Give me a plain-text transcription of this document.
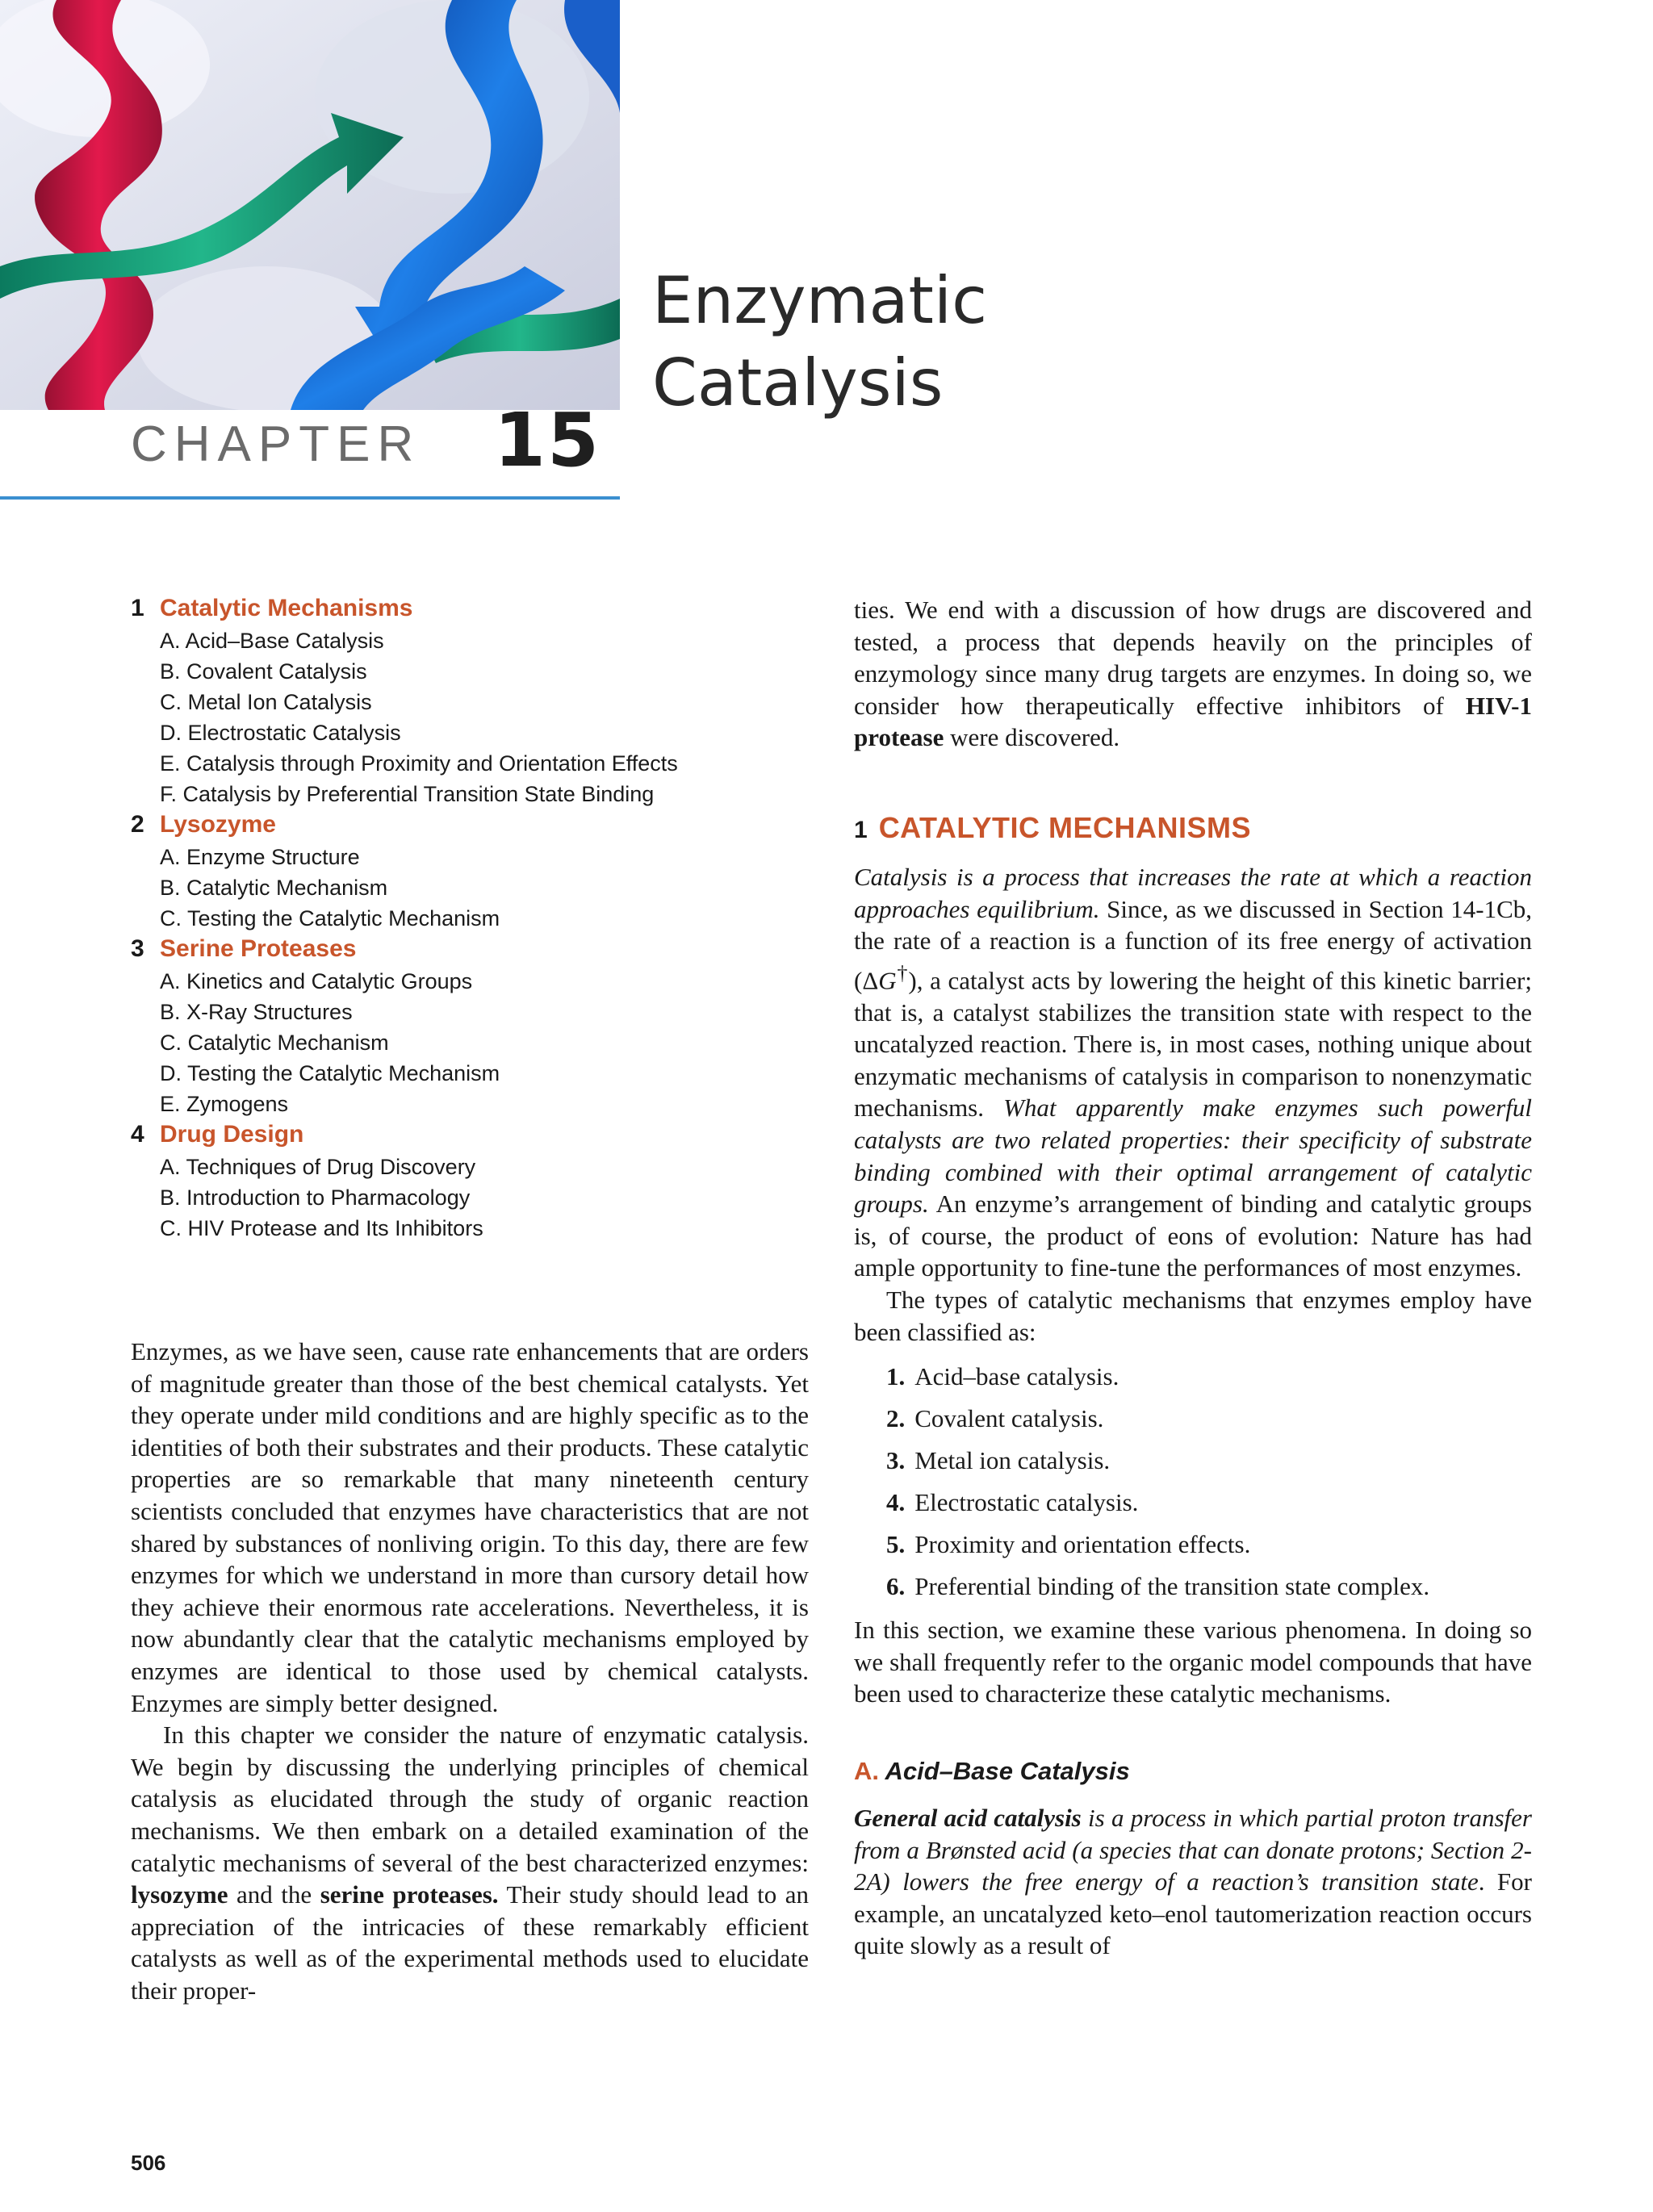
CHAPTER 15
Enzymatic
Catalysis
1 Catalytic Mechanisms
A. Acid–Base Catalysis
B. Covalent Catalysis
C. Metal Ion Catalysis
D. Electrostatic Catalysis
E. Catalysis through Proximity and Orientation Effects
F. Catalysis by Preferential Transition State Binding
2 Lysozyme
A. Enzyme Structure
B. Catalytic Mechanism
C. Testing the Catalytic Mechanism
3 Serine Proteases
A. Kinetics and Catalytic Groups
B. X-Ray Structures
C. Catalytic Mechanism
D. Testing the Catalytic Mechanism
E. Zymogens
4 Drug Design
A. Techniques of Drug Discovery
B. Introduction to Pharmacology
C. HIV Protease and Its Inhibitors

Enzymes, as we have seen, cause rate enhancements that are orders of magnitude greater than those of the best chemical catalysts. Yet they operate under mild conditions and are highly specific as to the identities of both their substrates and their products. These catalytic properties are so remarkable that many nineteenth century scientists concluded that enzymes have characteristics that are not shared by substances of nonliving origin. To this day, there are few enzymes for which we understand in more than cursory detail how they achieve their enormous rate accelerations. Nevertheless, it is now abundantly clear that the catalytic mechanisms employed by enzymes are identical to those used by chemical catalysts. Enzymes are simply better designed.

In this chapter we consider the nature of enzymatic catalysis. We begin by discussing the underlying principles of chemical catalysis as elucidated through the study of organic reaction mechanisms. We then embark on a detailed examination of the catalytic mechanisms of several of the best characterized enzymes: lysozyme and the serine proteases. Their study should lead to an appreciation of the intricacies of these remarkably efficient catalysts as well as of the experimental methods used to elucidate their proper-

ties. We end with a discussion of how drugs are discovered and tested, a process that depends heavily on the principles of enzymology since many drug targets are enzymes. In doing so, we consider how therapeutically effective inhibitors of HIV-1 protease were discovered.

1 CATALYTIC MECHANISMS

Catalysis is a process that increases the rate at which a reaction approaches equilibrium. Since, as we discussed in Section 14-1Cb, the rate of a reaction is a function of its free energy of activation (ΔG†), a catalyst acts by lowering the height of this kinetic barrier; that is, a catalyst stabilizes the transition state with respect to the uncatalyzed reaction. There is, in most cases, nothing unique about enzymatic mechanisms of catalysis in comparison to nonenzymatic mechanisms. What apparently make enzymes such powerful catalysts are two related properties: their specificity of substrate binding combined with their optimal arrangement of catalytic groups. An enzyme’s arrangement of binding and catalytic groups is, of course, the product of eons of evolution: Nature has had ample opportunity to fine-tune the performances of most enzymes.

The types of catalytic mechanisms that enzymes employ have been classified as:

1. Acid–base catalysis.
2. Covalent catalysis.
3. Metal ion catalysis.
4. Electrostatic catalysis.
5. Proximity and orientation effects.
6. Preferential binding of the transition state complex.

In this section, we examine these various phenomena. In doing so we shall frequently refer to the organic model compounds that have been used to characterize these catalytic mechanisms.

A. Acid–Base Catalysis

General acid catalysis is a process in which partial proton transfer from a Brønsted acid (a species that can donate protons; Section 2-2A) lowers the free energy of a reaction’s transition state. For example, an uncatalyzed keto–enol tautomerization reaction occurs quite slowly as a result of

506
